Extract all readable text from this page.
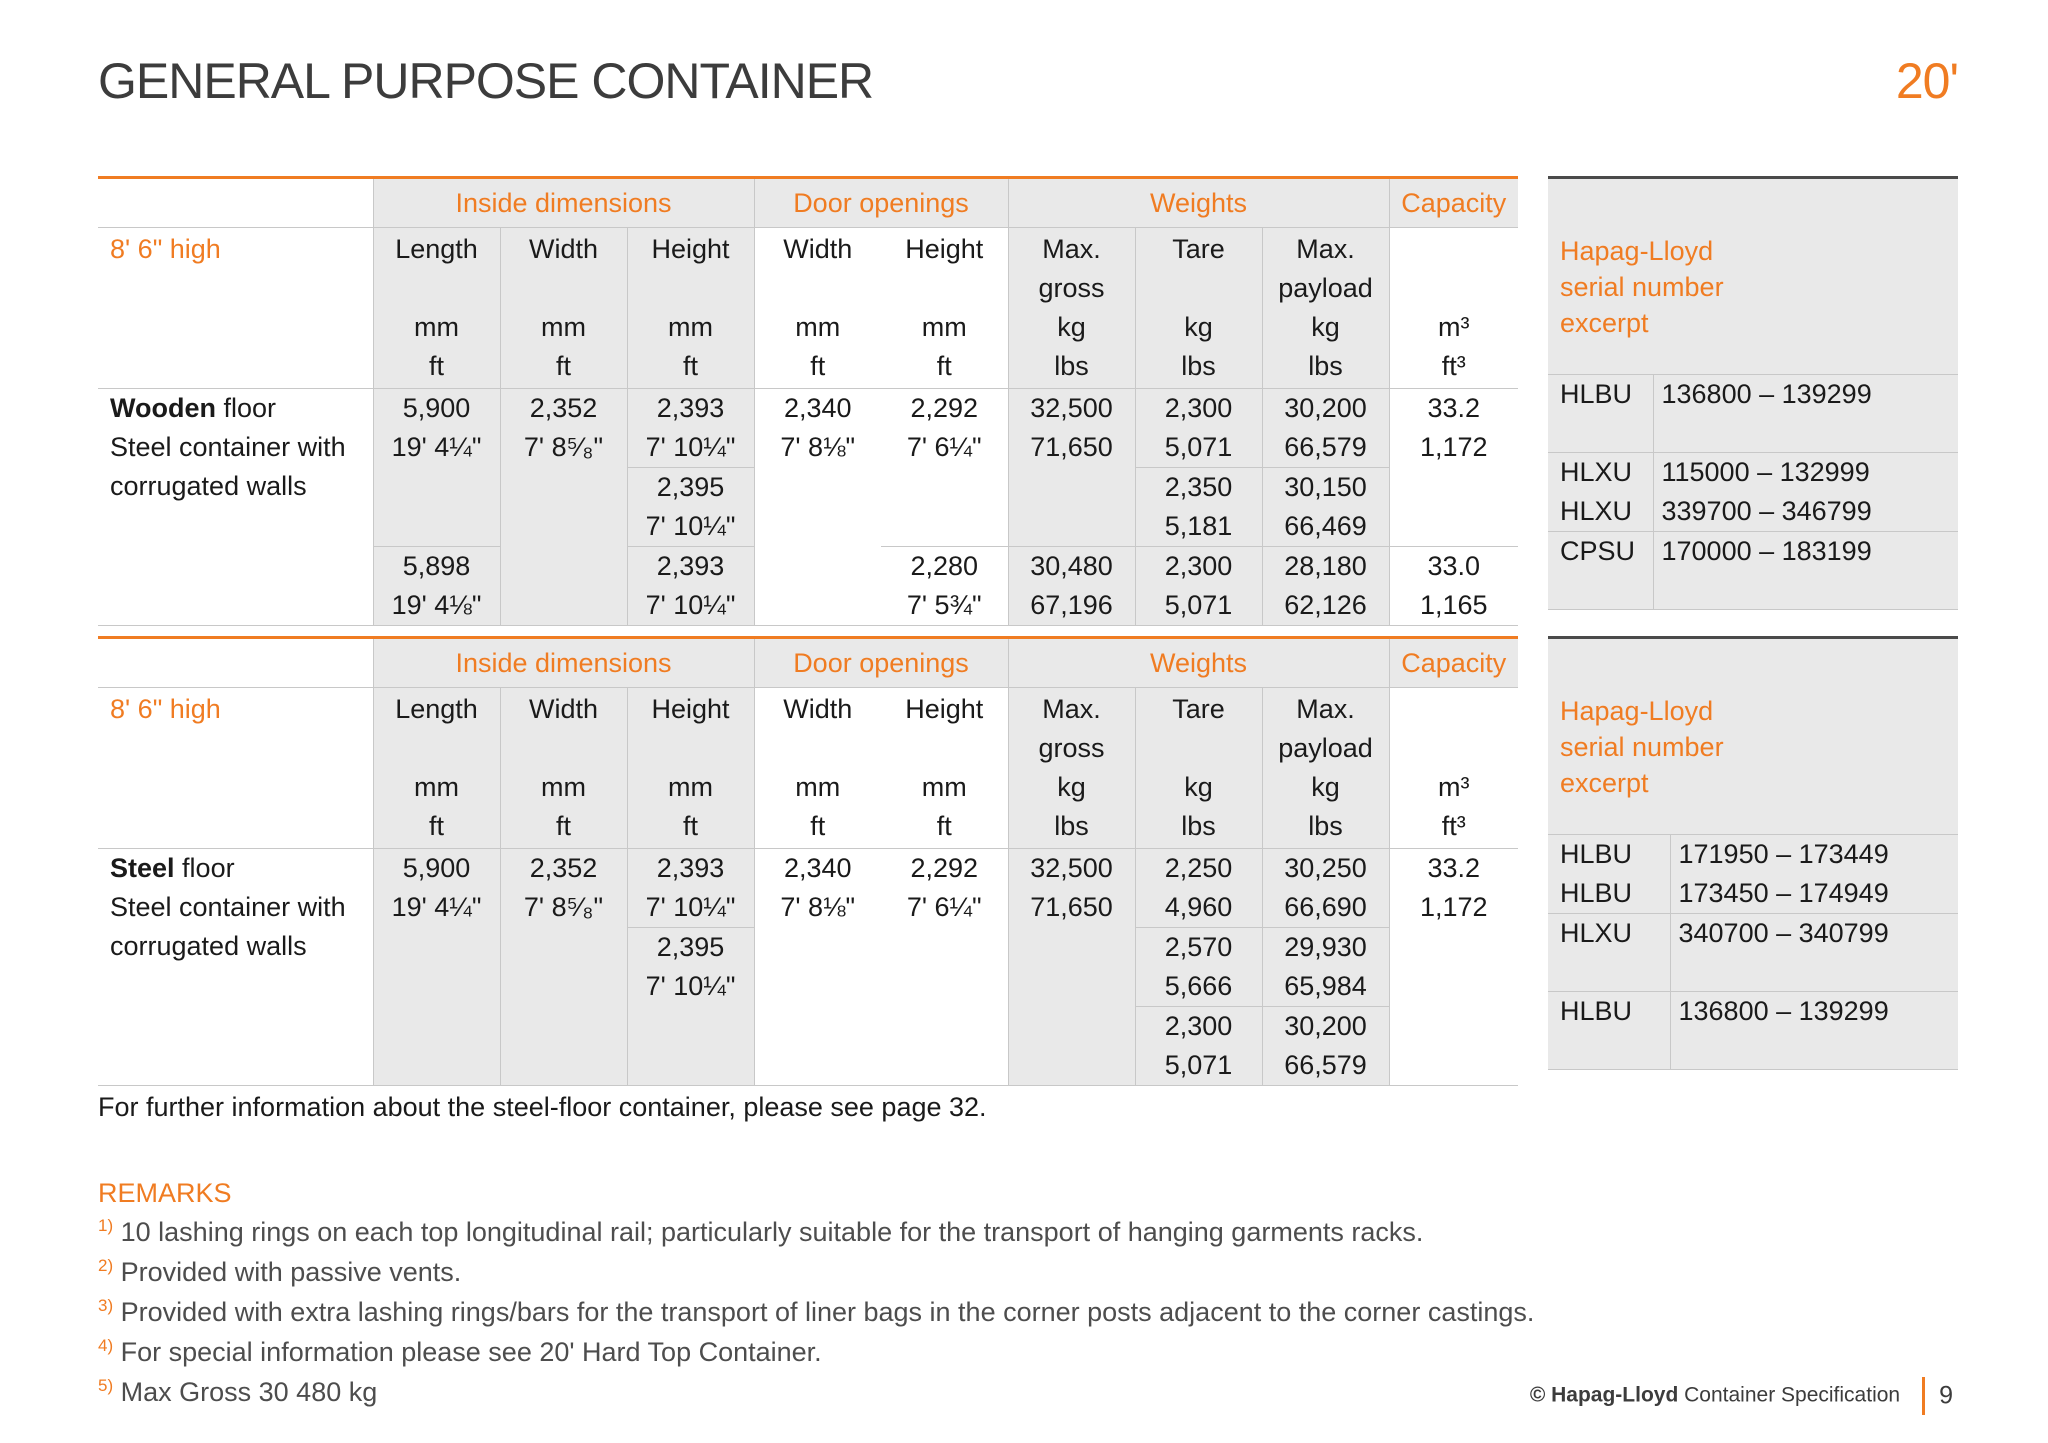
GENERAL PURPOSE CONTAINER	20'
	Inside dimensions			Door openings		Weights			Capacity
8' 6" high	Length

mm
ft	Width

mm
ft	Height

mm
ft	Width

mm
ft	Height

mm
ft	Max.
gross
kg
lbs	Tare

kg
lbs	Max.
payload
kg
lbs	m³
ft³
Wooden floor
Steel container with
corrugated walls	5,900
19' 4¼"	2,352
7' 8⁵⁄₈"	2,393
7' 10¼"	2,340
7' 8⅛"	2,292
7' 6¼"	32,500
71,650	2,300
5,071	30,200
66,579	33.2
1,172
			2,395
7' 10¼"				2,350
5,181	30,150
66,469	
	5,898
19' 4⅛"		2,393
7' 10¼"		2,280
7' 5¾"	30,480
67,196	2,300
5,071	28,180
62,126	33.0
1,165

Hapag-Lloyd
serial number
excerpt	
HLBU	136800 – 139299
HLXU	115000 – 132999
HLXU	339700 – 346799
CPSU	170000 – 183199
	Inside dimensions			Door openings		Weights			Capacity
8' 6" high	Length

mm
ft	Width

mm
ft	Height

mm
ft	Width

mm
ft	Height

mm
ft	Max.
gross
kg
lbs	Tare

kg
lbs	Max.
payload
kg
lbs	m³
ft³
Steel floor
Steel container with
corrugated walls	5,900
19' 4¼"	2,352
7' 8⁵⁄₈"	2,393
7' 10¼"	2,340
7' 8⅛"	2,292
7' 6¼"	32,500
71,650	2,250
4,960	30,250
66,690	33.2
1,172
			2,395
7' 10¼"				2,570
5,666	29,930
65,984	
							2,300
5,071	30,200
66,579	

Hapag-Lloyd
serial number
excerpt	
HLBU	171950 – 173449
HLBU	173450 – 174949
HLXU	340700 – 340799
HLBU	136800 – 139299
For further information about the steel-floor container, please see page 32.
REMARKS
$^{1)}$ 10 lashing rings on each top longitudinal rail; particularly suitable for the transport of hanging garments racks.
$^{2)}$ Provided with passive vents.
$^{3)}$ Provided with extra lashing rings/bars for the transport of liner bags in the corner posts adjacent to the corner castings.
$^{4)}$ For special information please see 20' Hard Top Container.
$^{5)}$ Max Gross 30 480 kg	© Hapag-Lloyd Container Specification 9
